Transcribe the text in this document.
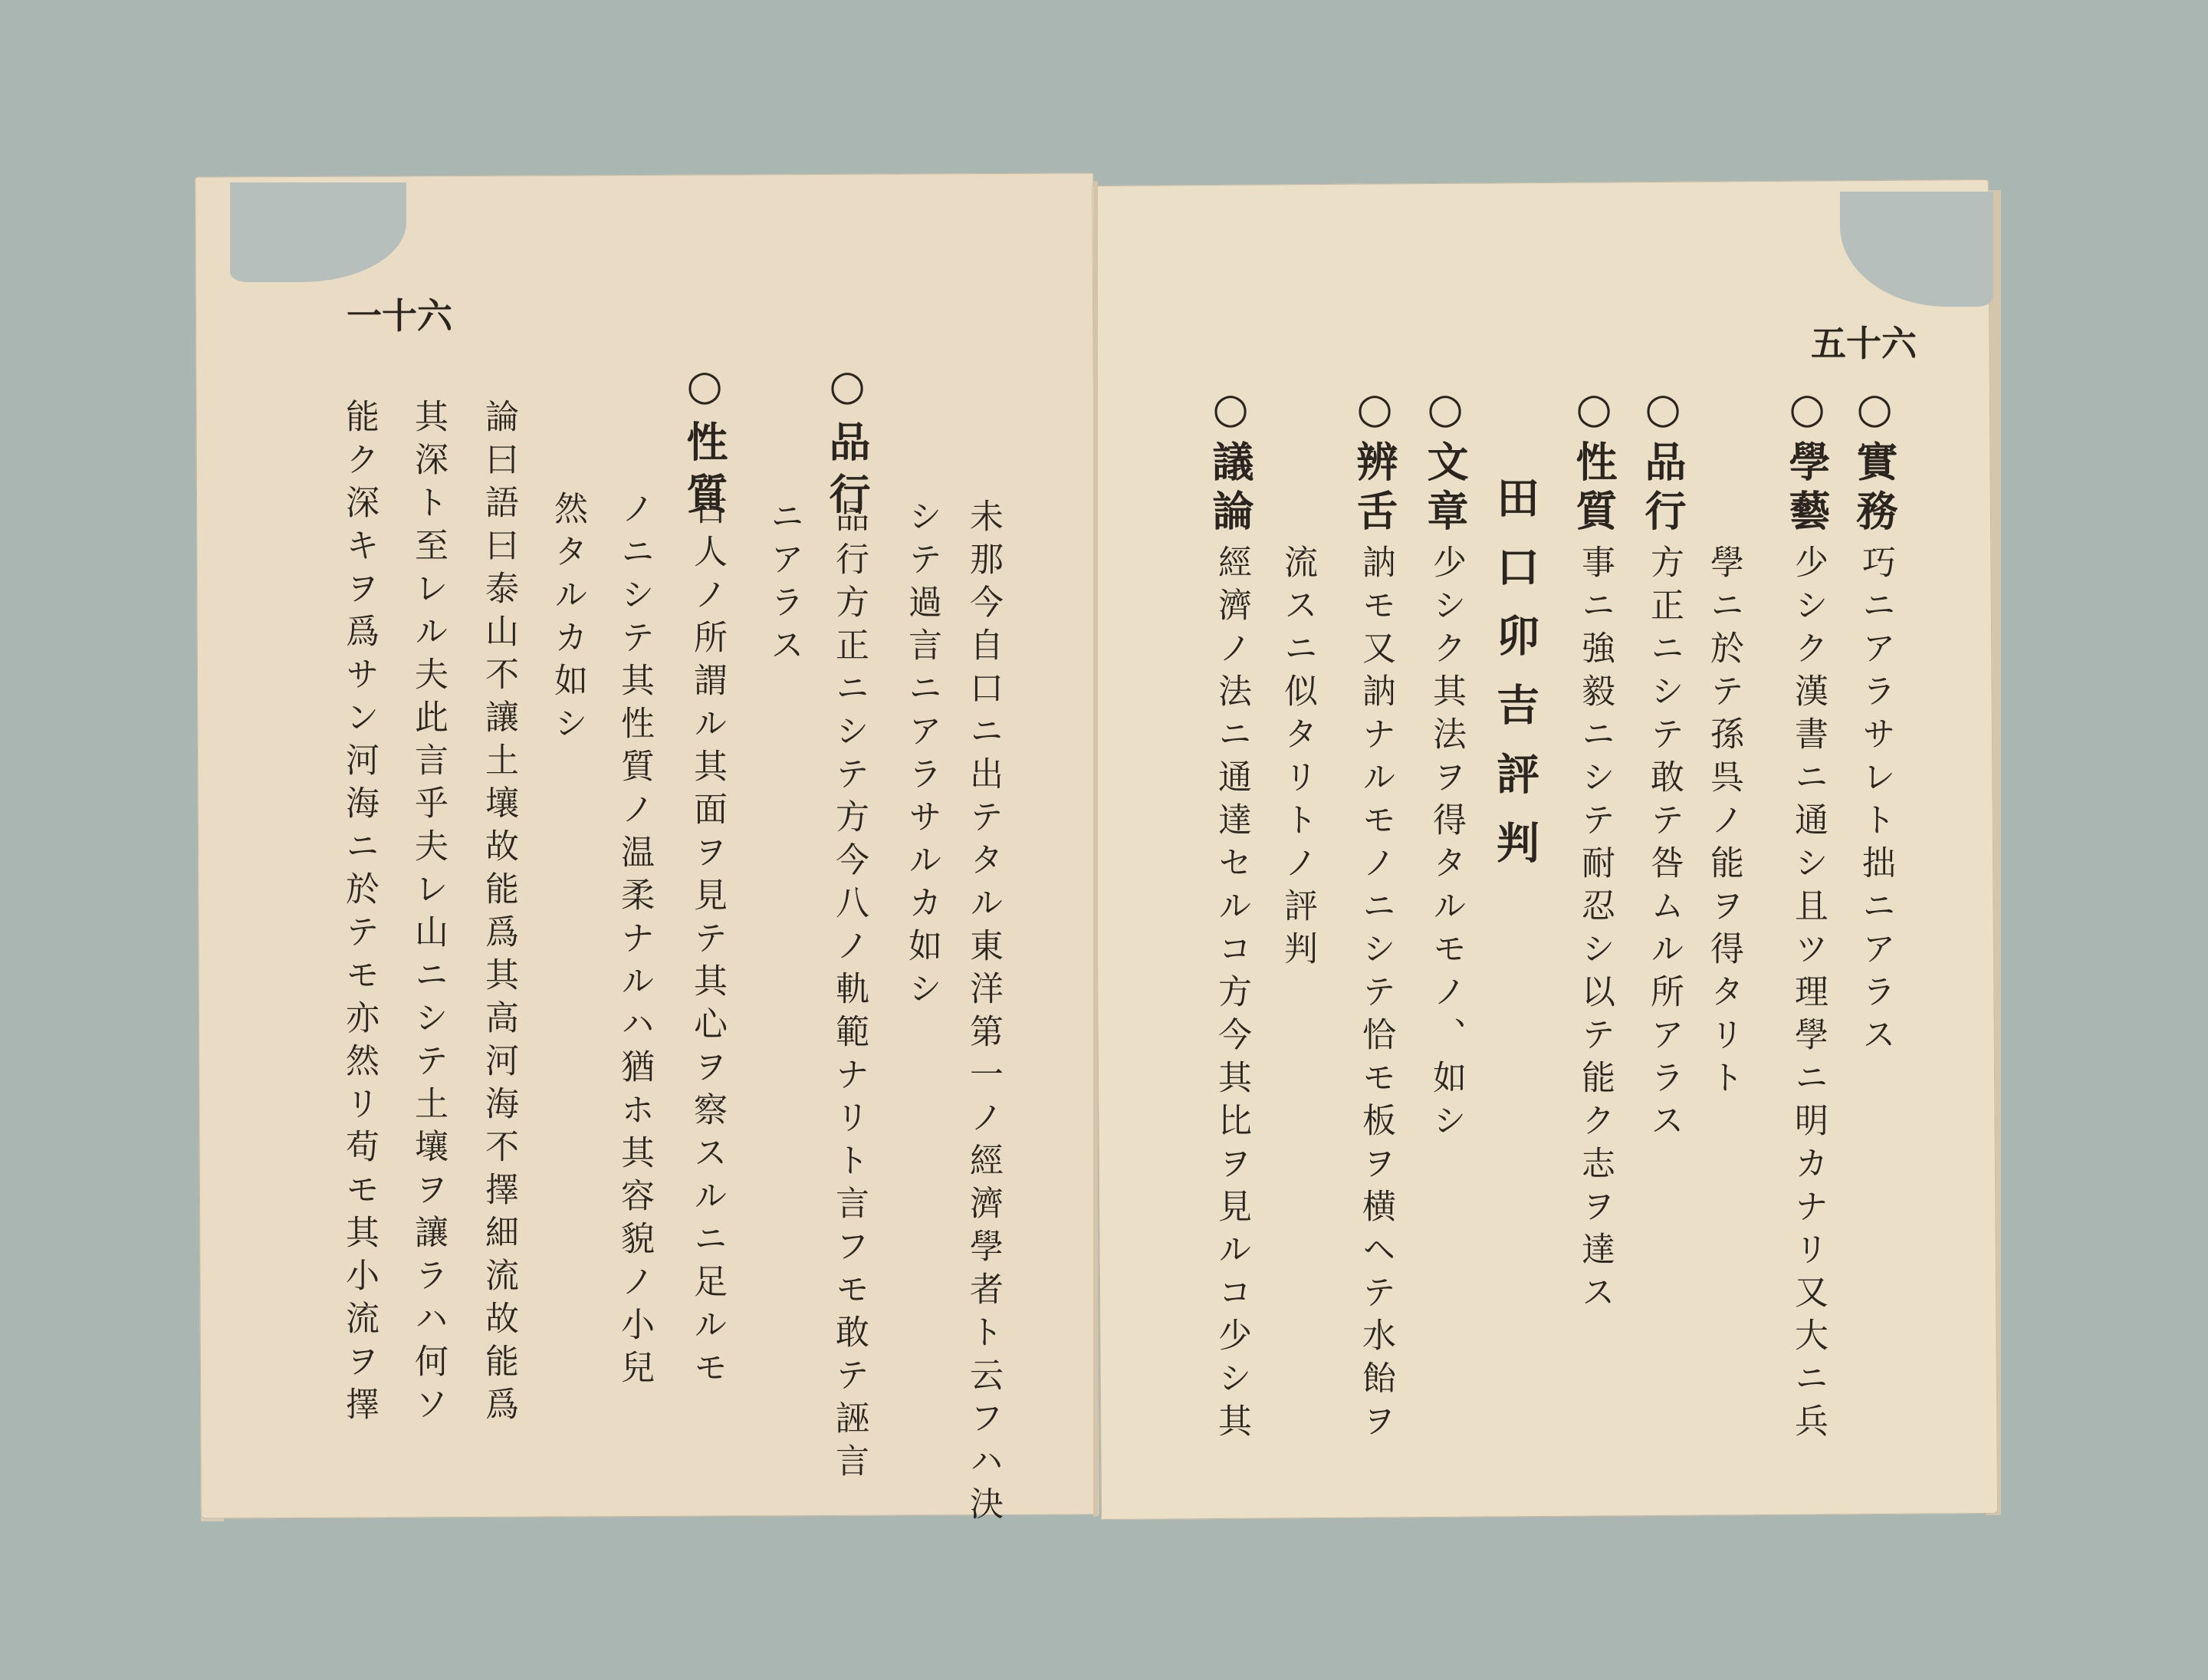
一十六
未那今自口ニ出テタル東洋第一ノ經濟學者ト云フハ決
シテ過言ニアラサルカ如シ
品行方正ニシテ方今八ノ軌範ナリト言フモ敢テ誣言
ニアラス
○品行
○性質
古人ノ所謂ル其面ヲ見テ其心ヲ察スルニ足ルモ
ノニシテ其性質ノ温柔ナルハ猶ホ其容貌ノ小兒
然タルカ如シ
論曰語曰泰山不讓土壤故能爲其高河海不擇細流故能爲
其深ト至レル夫此言乎夫レ山ニシテ土壤ヲ讓ラハ何ソ
能ク深キヲ爲サン河海ニ於テモ亦然リ苟モ其小流ヲ擇
五十六
○實務
巧ニアラサレト拙ニアラス
○學藝
少シク漢書ニ通シ且ツ理學ニ明カナリ又大ニ兵
學ニ於テ孫呉ノ能ヲ得タリト
○品行
方正ニシテ敢テ咎ムル所アラス
○性質
事ニ強毅ニシテ耐忍シ以テ能ク志ヲ達ス
田口卯吉評判
○文章
少シク其法ヲ得タルモノ、如シ
○辨舌
訥モ又訥ナルモノニシテ恰モ板ヲ横ヘテ水飴ヲ
流スニ似タリトノ評判
○議論
經濟ノ法ニ通達セルコ方今其比ヲ見ルコ少シ其
